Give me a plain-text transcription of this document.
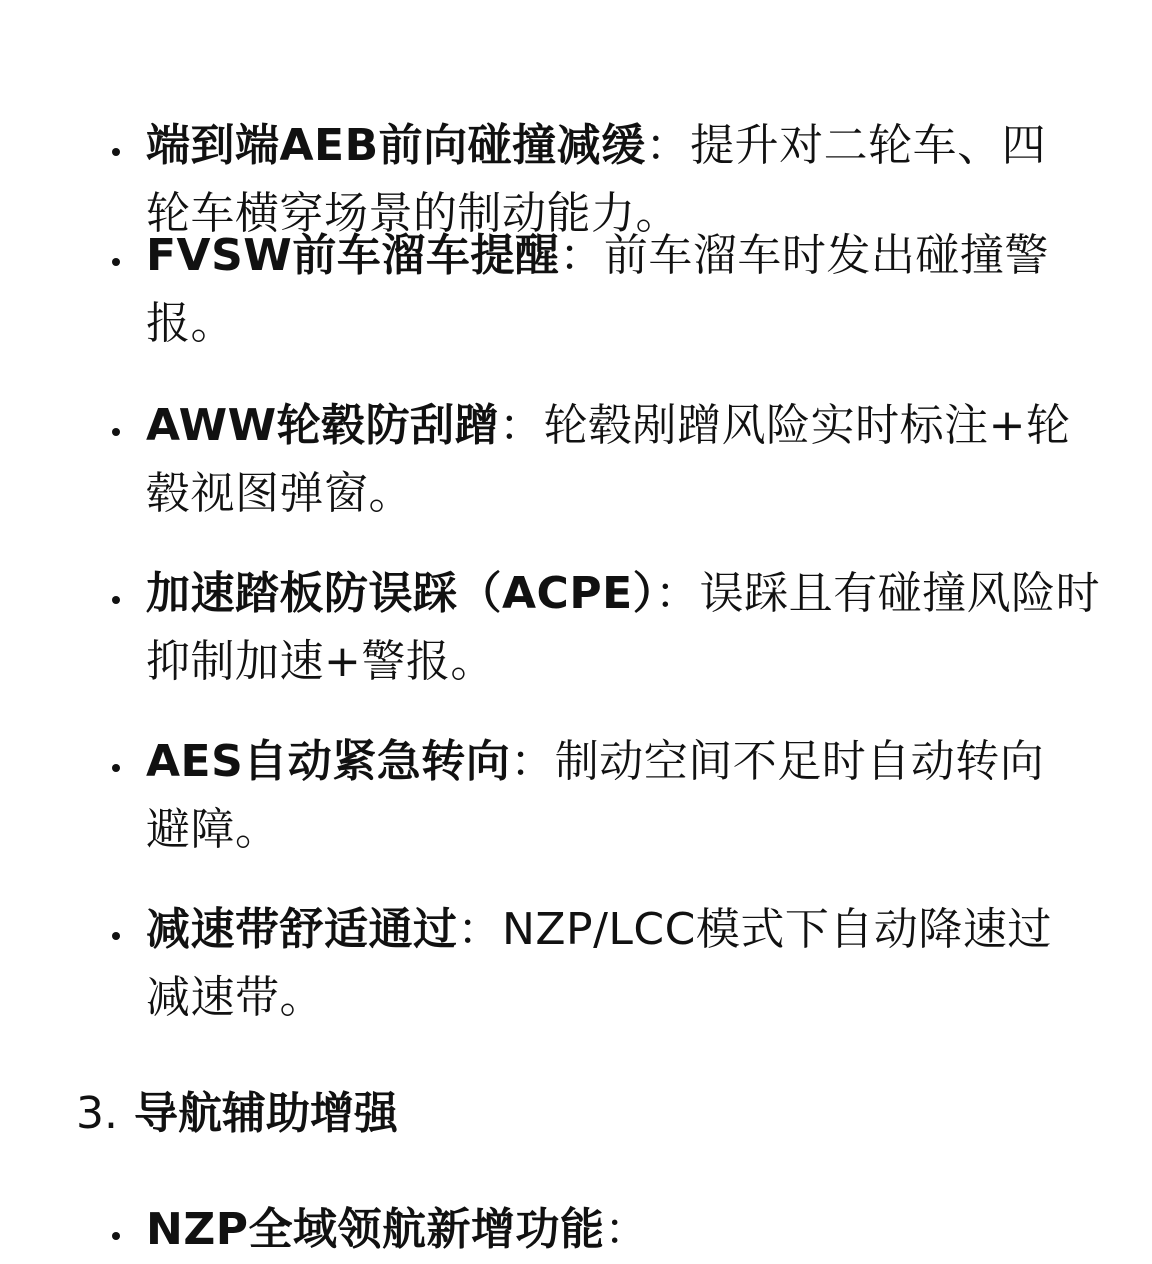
端到端AEB前向碰撞减缓：提升对二轮车、四轮车横穿场景的制动能力。
FVSW前车溜车提醒：前车溜车时发出碰撞警报。
AWW轮毂防刮蹭：轮毂剐蹭风险实时标注+轮毂视图弹窗。
加速踏板防误踩（ACPE）：误踩且有碰撞风险时抑制加速+警报。
AES自动紧急转向：制动空间不足时自动转向避障。
减速带舒适通过：NZP/LCC模式下自动降速过减速带。
3. 导航辅助增强
NZP全域领航新增功能：
